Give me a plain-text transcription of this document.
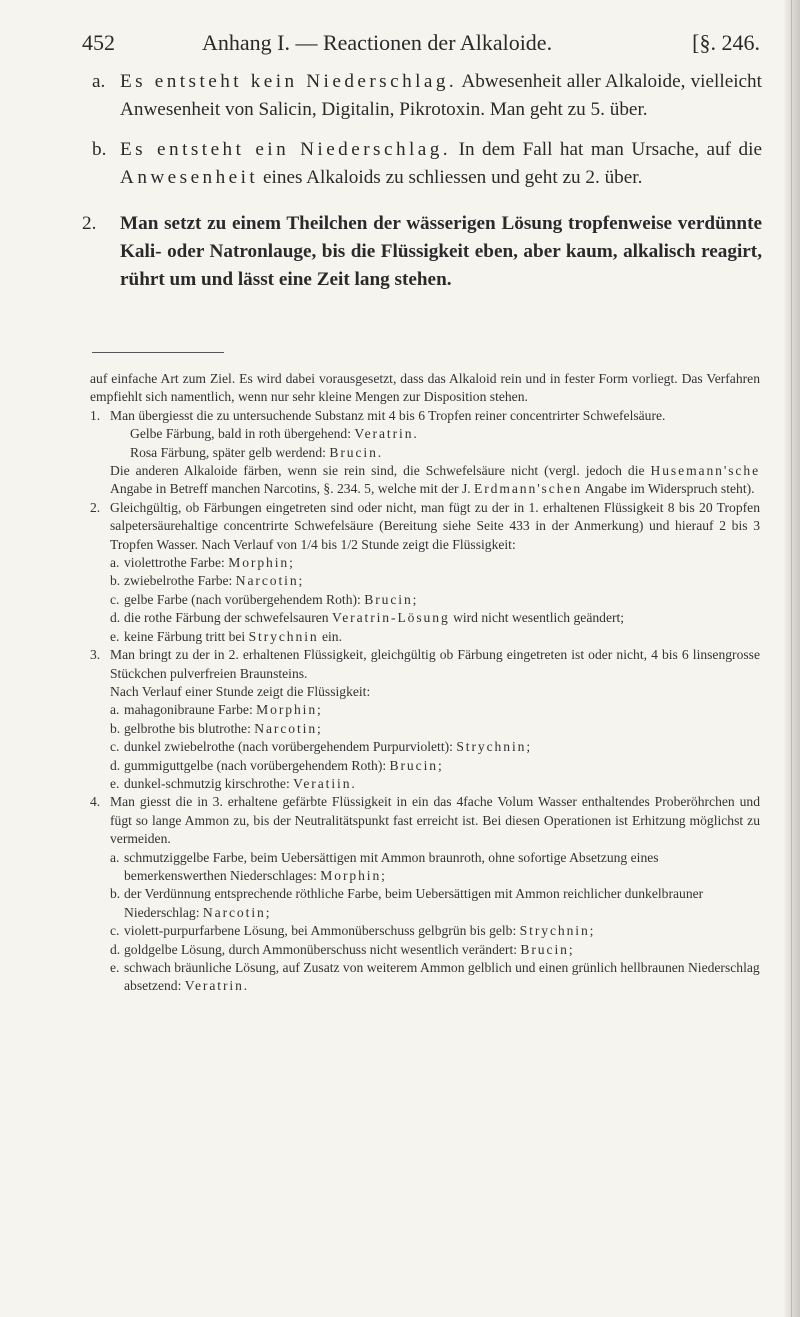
452	Anhang I. — Reactionen der Alkaloide.	[§. 246.
a. Es entsteht kein Niederschlag. Abwesenheit aller Alkaloide, vielleicht Anwesenheit von Salicin, Digitalin, Pikrotoxin. Man geht zu 5. über.

b. Es entsteht ein Niederschlag. In dem Fall hat man Ursache, auf die Anwesenheit eines Alkaloids zu schliessen und geht zu 2. über.

2. Man setzt zu einem Theilchen der wässerigen Lösung tropfenweise verdünnte Kali- oder Natronlauge, bis die Flüssigkeit eben, aber kaum, alkalisch reagirt, rührt um und lässt eine Zeit lang stehen.

auf einfache Art zum Ziel. Es wird dabei vorausgesetzt, dass das Alkaloid rein und in fester Form vorliegt. Das Verfahren empfiehlt sich namentlich, wenn nur sehr kleine Mengen zur Disposition stehen.

1. Man übergiesst die zu untersuchende Substanz mit 4 bis 6 Tropfen reiner concentrirter Schwefelsäure.

Gelbe Färbung, bald in roth übergehend: Veratrin.

Rosa Färbung, später gelb werdend: Brucin.

Die anderen Alkaloide färben, wenn sie rein sind, die Schwefelsäure nicht (vergl. jedoch die Husemann'sche Angabe in Betreff manchen Narcotins, §. 234. 5, welche mit der J. Erdmann'schen Angabe im Widerspruch steht).

2. Gleichgültig, ob Färbungen eingetreten sind oder nicht, man fügt zu der in 1. erhaltenen Flüssigkeit 8 bis 20 Tropfen salpetersäurehaltige concentrirte Schwefelsäure (Bereitung siehe Seite 433 in der Anmerkung) und hierauf 2 bis 3 Tropfen Wasser. Nach Verlauf von 1/4 bis 1/2 Stunde zeigt die Flüssigkeit:

a. violettrothe Farbe: Morphin;
b. zwiebelrothe Farbe: Narcotin;
c. gelbe Farbe (nach vorübergehendem Roth): Brucin;
d. die rothe Färbung der schwefelsauren Veratrin-Lösung wird nicht wesentlich geändert;
e. keine Färbung tritt bei Strychnin ein.
3. Man bringt zu der in 2. erhaltenen Flüssigkeit, gleichgültig ob Färbung eingetreten ist oder nicht, 4 bis 6 linsengrosse Stückchen pulverfreien Braunsteins.

Nach Verlauf einer Stunde zeigt die Flüssigkeit:

a. mahagonibraune Farbe: Morphin;
b. gelbrothe bis blutrothe: Narcotin;
c. dunkel zwiebelrothe (nach vorübergehendem Purpurviolett): Strychnin;
d. gummiguttgelbe (nach vorübergehendem Roth): Brucin;
e. dunkel-schmutzig kirschrothe: Veratiin.
4. Man giesst die in 3. erhaltene gefärbte Flüssigkeit in ein das 4fache Volum Wasser enthaltendes Proberöhrchen und fügt so lange Ammon zu, bis der Neutralitätspunkt fast erreicht ist. Bei diesen Operationen ist Erhitzung möglichst zu vermeiden.

a. schmutziggelbe Farbe, beim Uebersättigen mit Ammon braunroth, ohne sofortige Absetzung eines bemerkenswerthen Niederschlages: Morphin;
b. der Verdünnung entsprechende röthliche Farbe, beim Uebersättigen mit Ammon reichlicher dunkelbrauner Niederschlag: Narcotin;
c. violett-purpurfarbene Lösung, bei Ammonüberschuss gelbgrün bis gelb: Strychnin;
d. goldgelbe Lösung, durch Ammonüberschuss nicht wesentlich verändert: Brucin;
e. schwach bräunliche Lösung, auf Zusatz von weiterem Ammon gelblich und einen grünlich hellbraunen Niederschlag absetzend: Veratrin.
